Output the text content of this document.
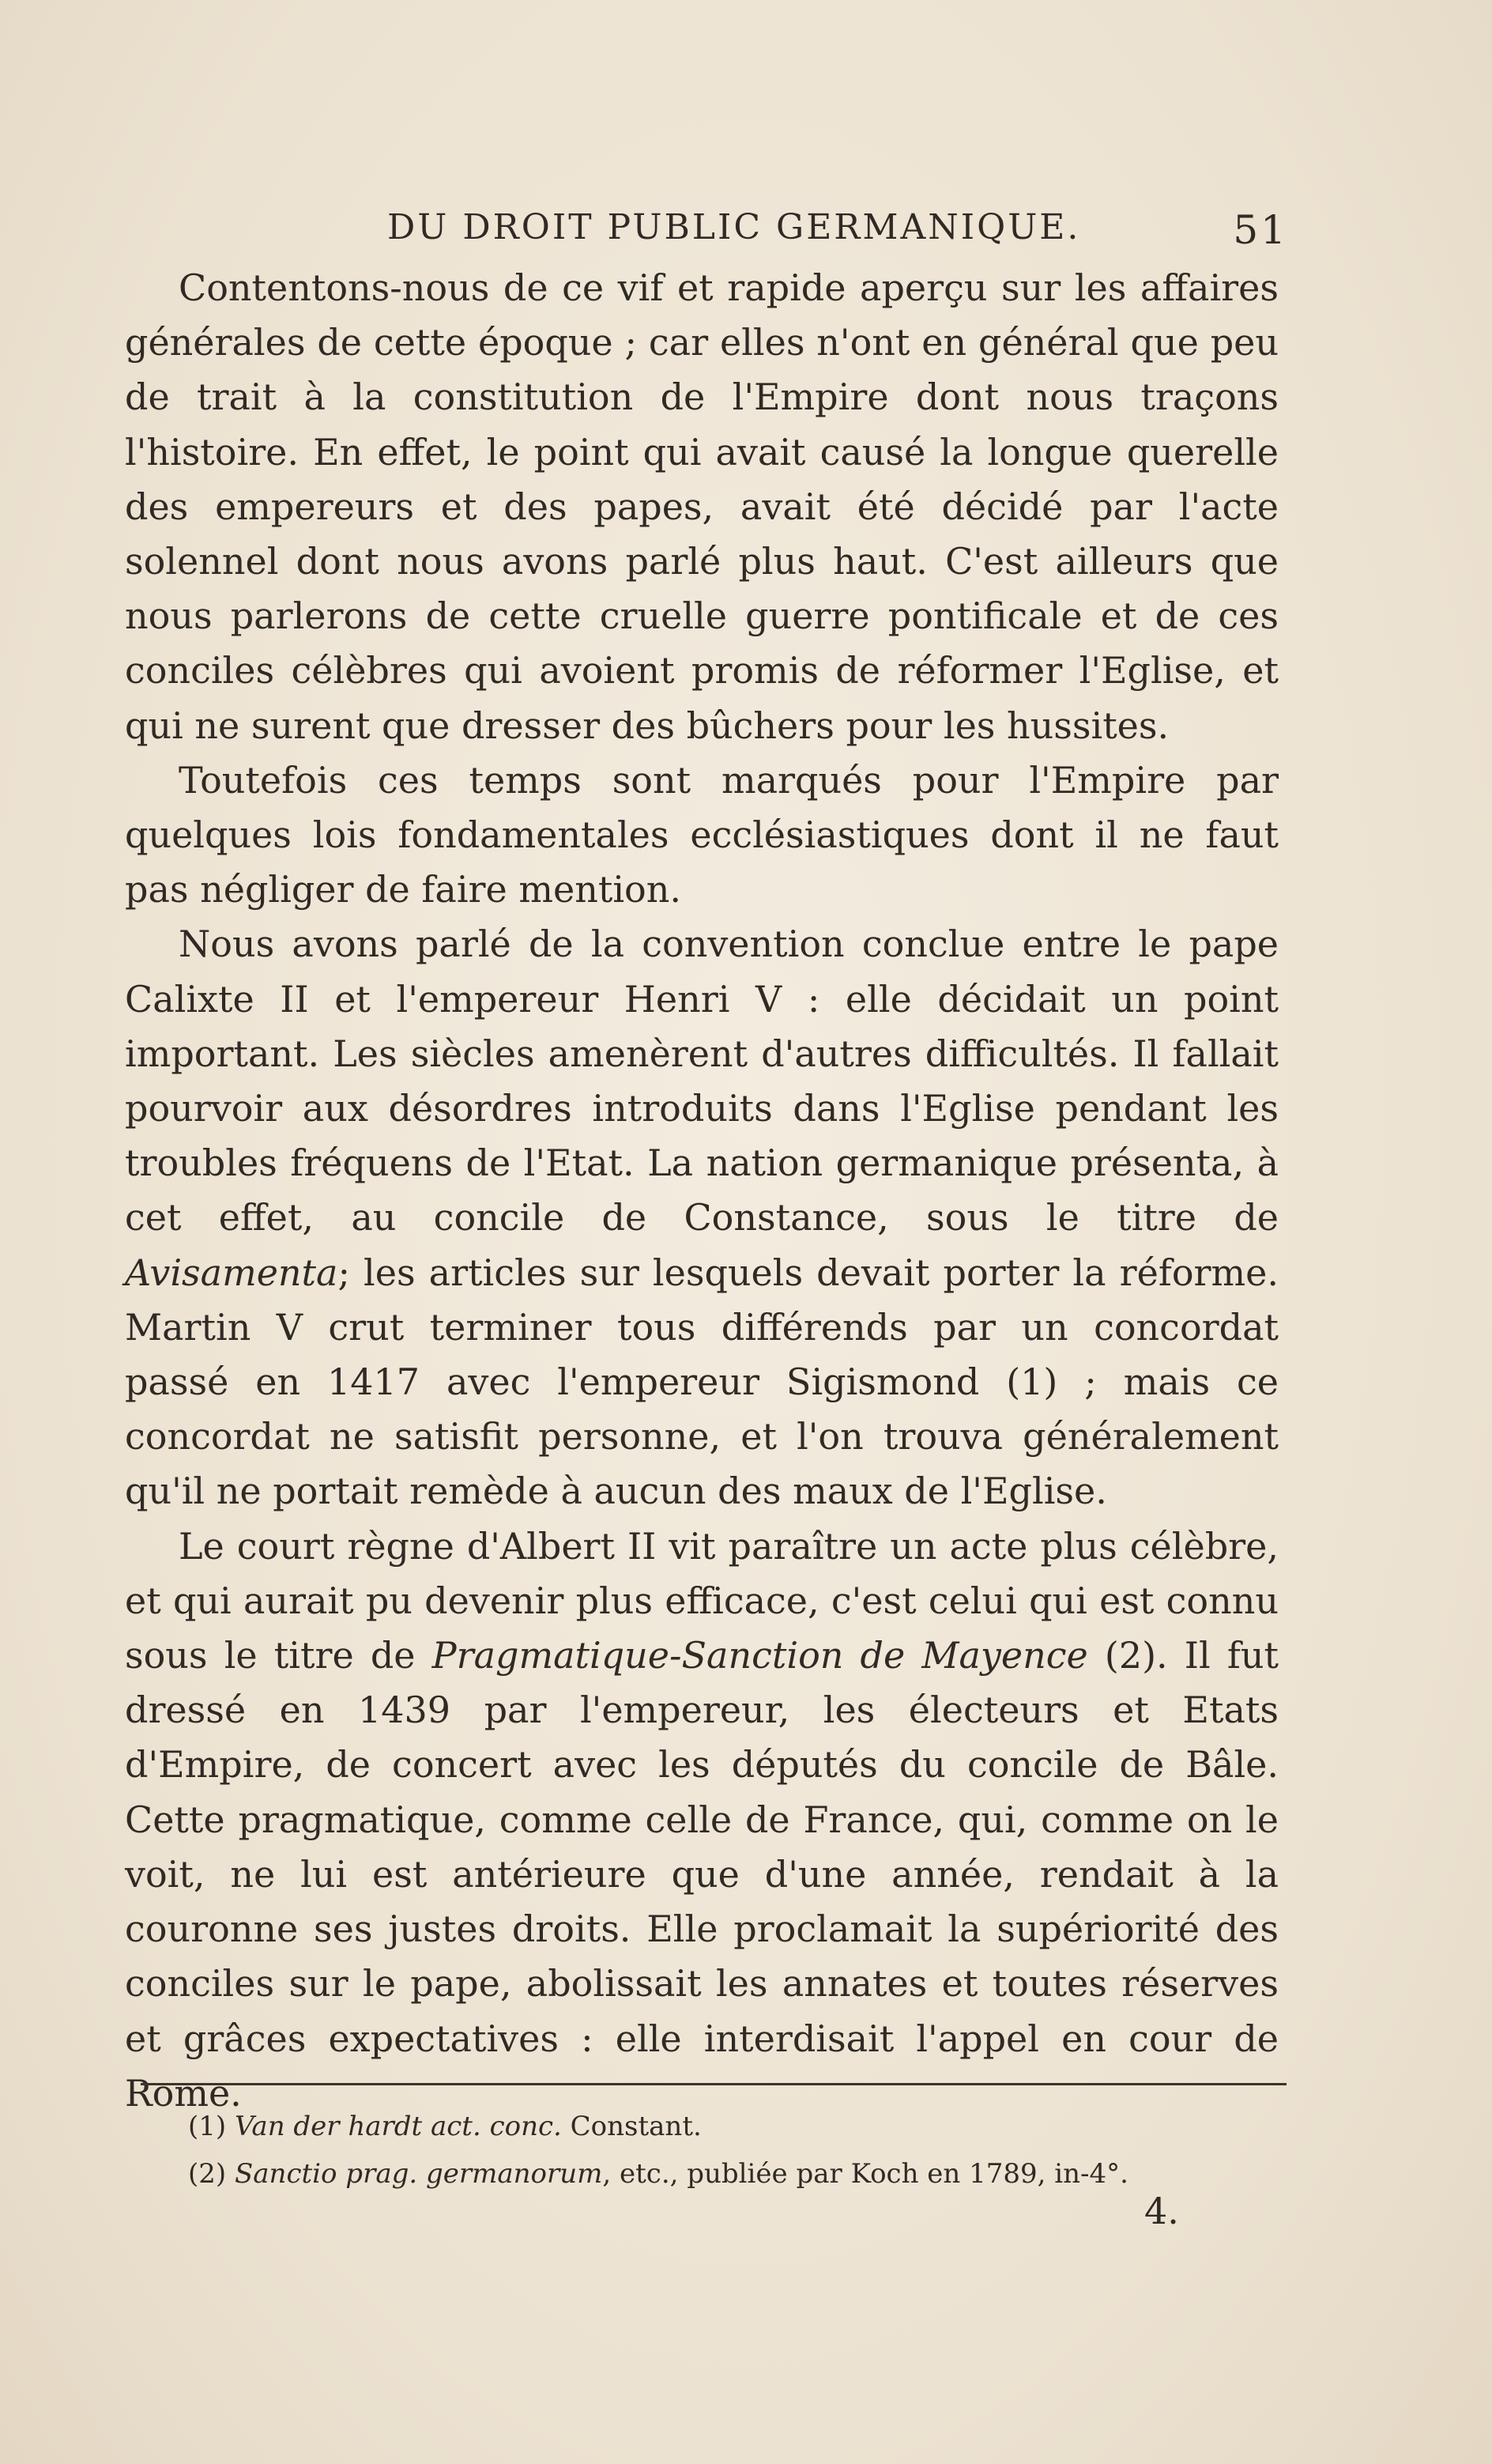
DU DROIT PUBLIC GERMANIQUE.	51

Contentons-nous de ce vif et rapide aperçu sur les affaires générales de cette époque ; car elles n'ont en général que peu de trait à la constitution de l'Empire dont nous traçons l'histoire. En effet, le point qui avait causé la longue querelle des empereurs et des papes, avait été décidé par l'acte solennel dont nous avons parlé plus haut. C'est ailleurs que nous parlerons de cette cruelle guerre pontificale et de ces conciles célèbres qui avoient promis de réformer l'Eglise, et qui ne surent que dresser des bûchers pour les hussites.

Toutefois ces temps sont marqués pour l'Empire par quelques lois fondamentales ecclésiastiques dont il ne faut pas négliger de faire mention.

Nous avons parlé de la convention conclue entre le pape Calixte II et l'empereur Henri V : elle décidait un point important. Les siècles amenèrent d'autres difficultés. Il fallait pourvoir aux désordres introduits dans l'Eglise pendant les troubles fréquens de l'Etat. La nation germanique présenta, à cet effet, au concile de Constance, sous le titre de Avisamenta; les articles sur lesquels devait porter la réforme. Martin V crut terminer tous différends par un concordat passé en 1417 avec l'empereur Sigismond (1) ; mais ce concordat ne satisfit personne, et l'on trouva généralement qu'il ne portait remède à aucun des maux de l'Eglise.

Le court règne d'Albert II vit paraître un acte plus célèbre, et qui aurait pu devenir plus efficace, c'est celui qui est connu sous le titre de Pragmatique-Sanction de Mayence (2). Il fut dressé en 1439 par l'empereur, les électeurs et Etats d'Empire, de concert avec les députés du concile de Bâle. Cette pragmatique, comme celle de France, qui, comme on le voit, ne lui est antérieure que d'une année, rendait à la couronne ses justes droits. Elle proclamait la supériorité des conciles sur le pape, abolissait les annates et toutes réserves et grâces expectatives : elle interdisait l'appel en cour de Rome.

(1) Van der hardt act. conc. Constant.

(2) Sanctio prag. germanorum, etc., publiée par Koch en 1789, in-4°.

4.
